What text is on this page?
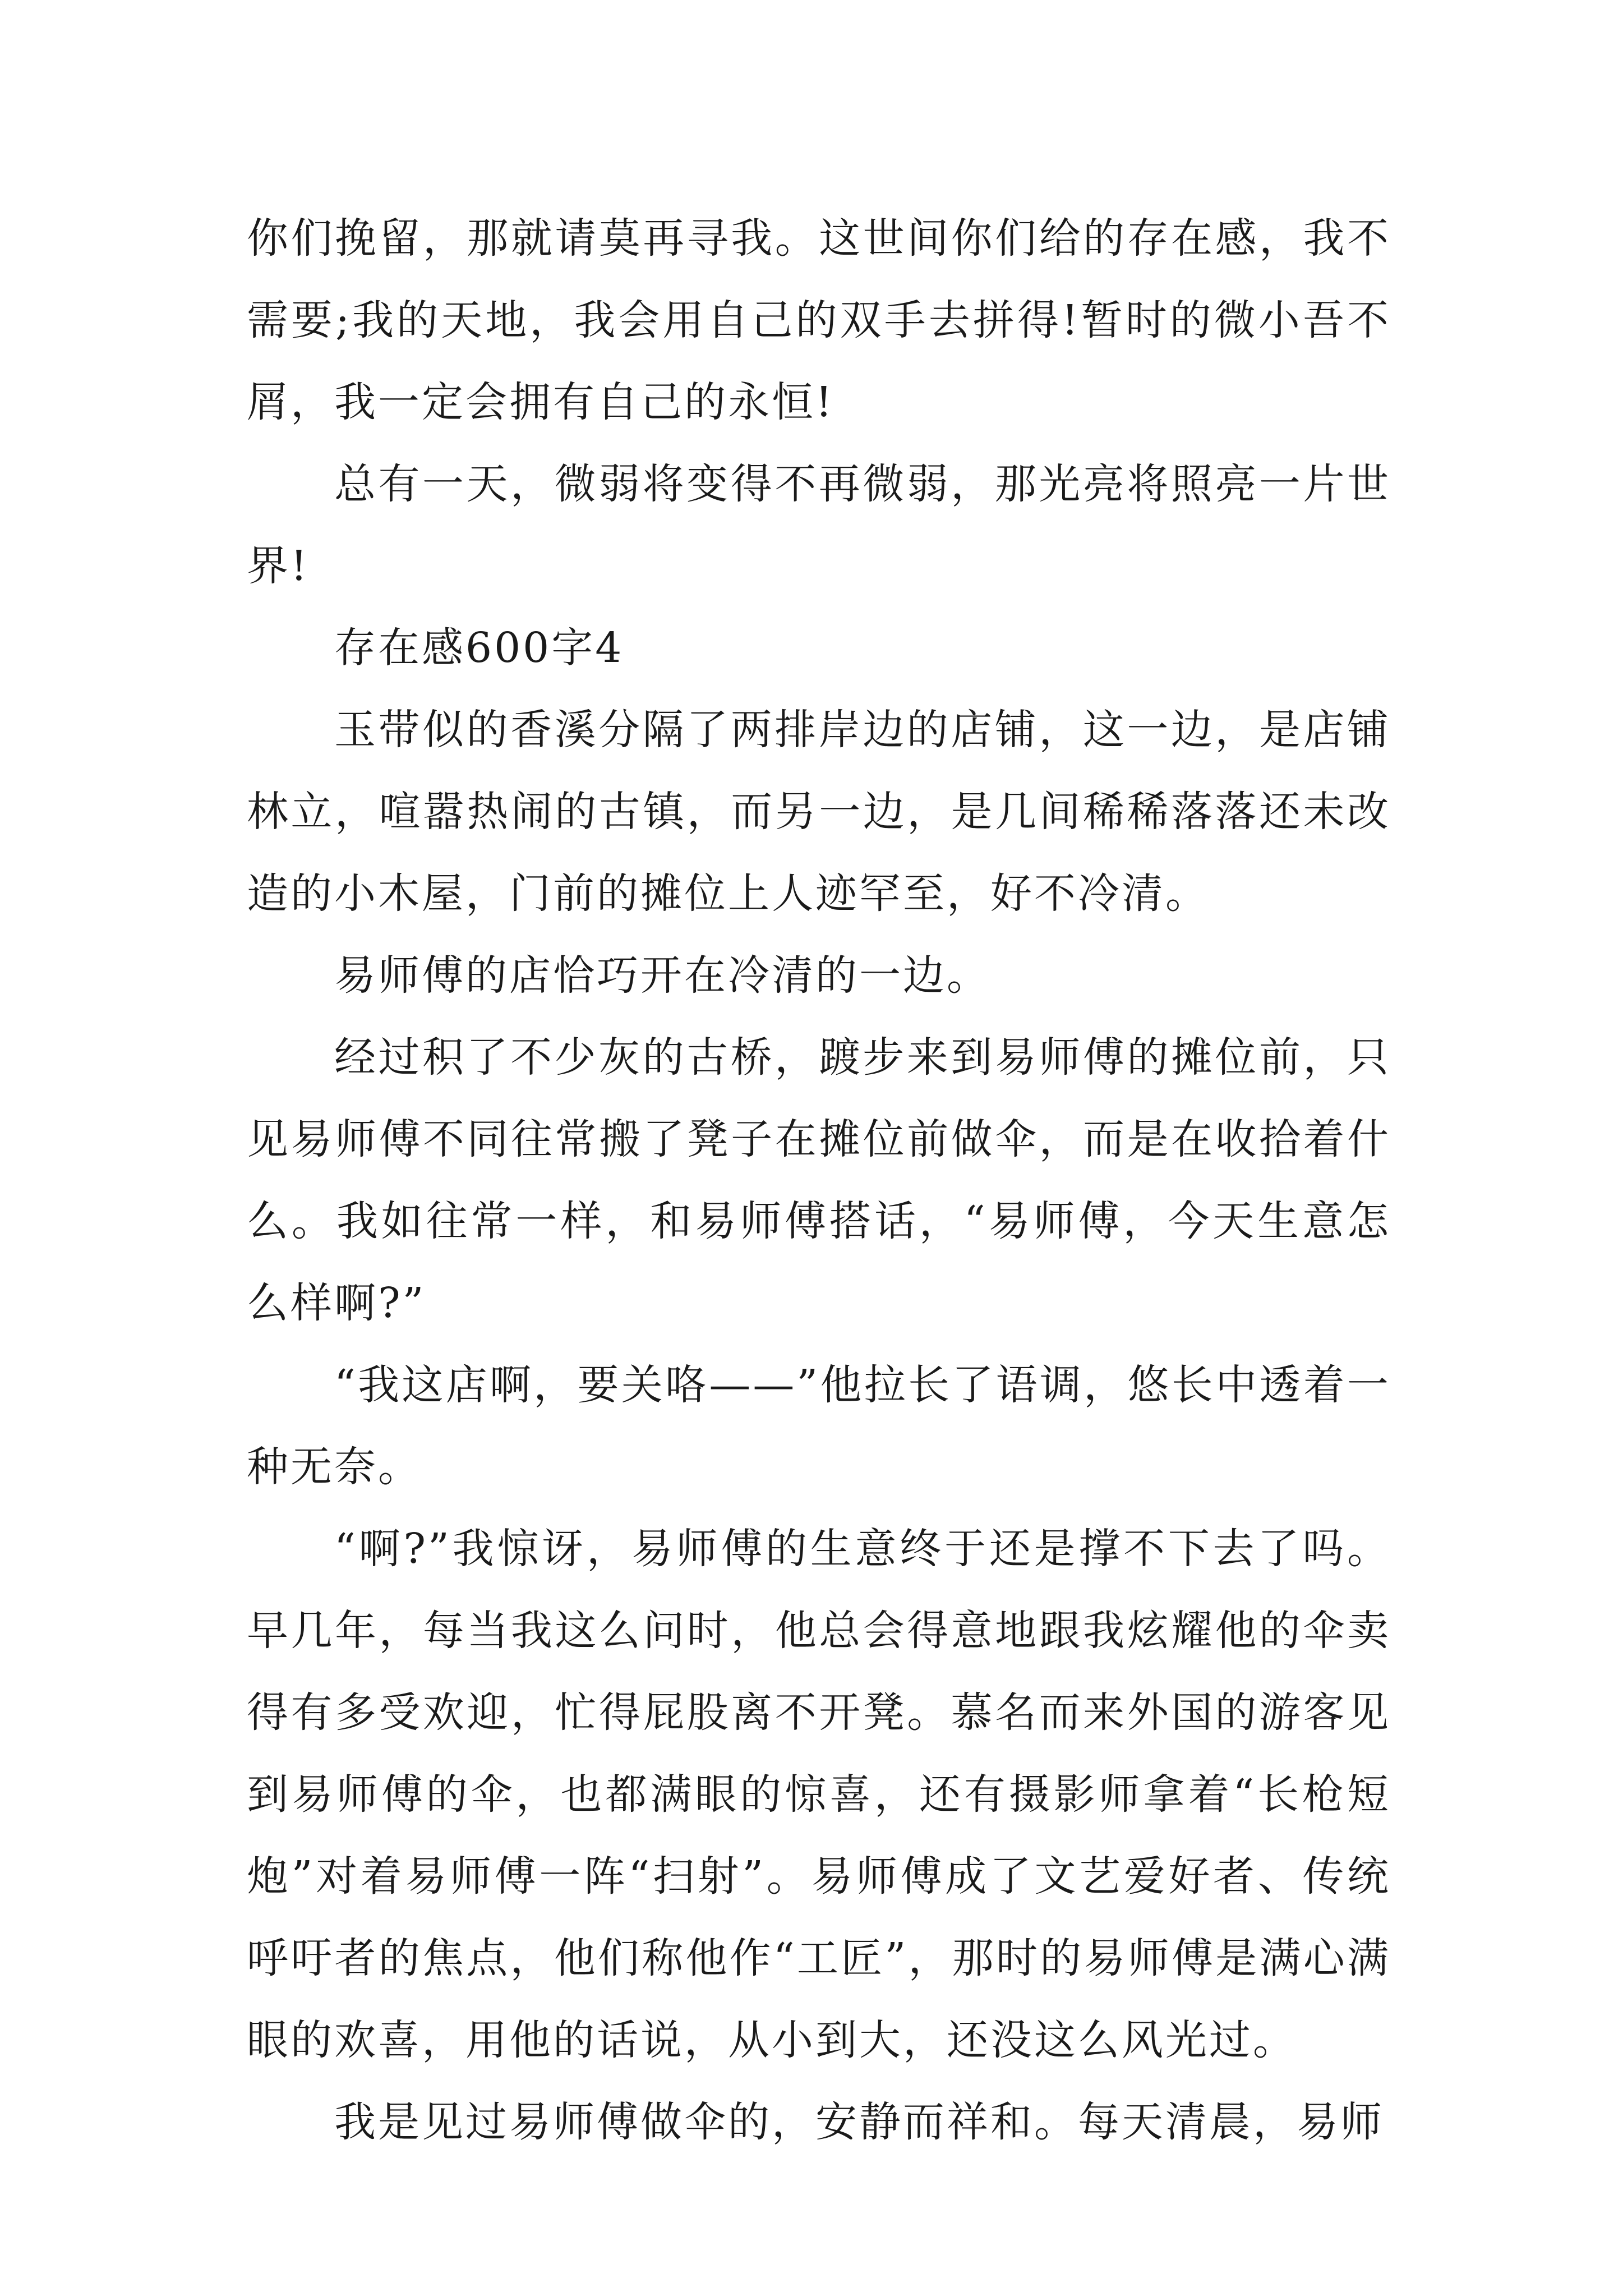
你们挽留，那就请莫再寻我。这世间你们给的存在感，我不需要;我的天地，我会用自己的双手去拼得!暂时的微小吾不屑，我一定会拥有自己的永恒!

总有一天，微弱将变得不再微弱，那光亮将照亮一片世界!

存在感600字4

玉带似的香溪分隔了两排岸边的店铺，这一边，是店铺林立，喧嚣热闹的古镇，而另一边，是几间稀稀落落还未改造的小木屋，门前的摊位上人迹罕至，好不冷清。

易师傅的店恰巧开在冷清的一边。

经过积了不少灰的古桥，踱步来到易师傅的摊位前，只见易师傅不同往常搬了凳子在摊位前做伞，而是在收拾着什么。我如往常一样，和易师傅搭话，“易师傅，今天生意怎么样啊?”

“我这店啊，要关咯——”他拉长了语调，悠长中透着一种无奈。

“啊?”我惊讶，易师傅的生意终于还是撑不下去了吗。早几年，每当我这么问时，他总会得意地跟我炫耀他的伞卖得有多受欢迎，忙得屁股离不开凳。慕名而来外国的游客见到易师傅的伞，也都满眼的惊喜，还有摄影师拿着“长枪短炮”对着易师傅一阵“扫射”。易师傅成了文艺爱好者、传统呼吁者的焦点，他们称他作“工匠”，那时的易师傅是满心满眼的欢喜，用他的话说，从小到大，还没这么风光过。

我是见过易师傅做伞的，安静而祥和。每天清晨，易师
